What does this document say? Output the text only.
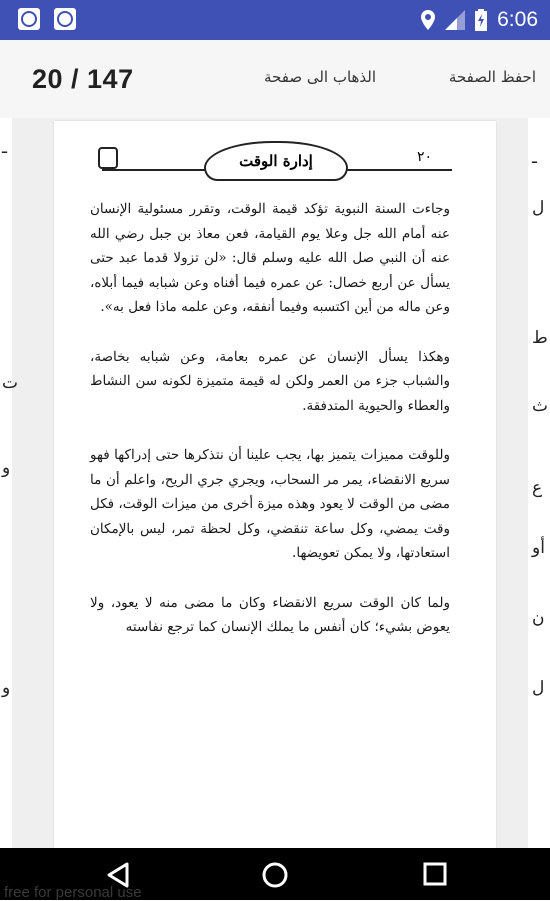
6:06
20 / 147	الذهاب الى صفحة	احفظ الصفحة
ـ
ت
و
و
ـ
ل
ط
ث
ع
أو
ن
ل
إدارة الوقت	٢٠

وجاءت السنة النبوية تؤكد قيمة الوقت، وتقرر مسئولية الإنسان عنه أمام الله جل وعلا يوم القيامة، فعن معاذ بن جبل رضي الله عنه أن النبي صل الله عليه وسلم قال: «لن تزولا قدما عبد حتى يسأل عن أربع خصال: عن عمره فيما أفناه وعن شبابه فيما أبلاه، وعن ماله من أين اكتسبه وفيما أنفقه، وعن علمه ماذا فعل به».

وهكذا يسأل الإنسان عن عمره بعامة، وعن شبابه بخاصة، والشباب جزء من العمر ولكن له قيمة متميزة لكونه سن النشاط والعطاء والحيوية المتدفقة.

وللوقت مميزات يتميز بها، يجب علينا أن نتذكرها حتى إدراكها فهو سريع الانقضاء، يمر مر السحاب، ويجري جري الريح، واعلم أن ما مضى من الوقت لا يعود وهذه ميزة أخرى من ميزات الوقت، فكل وقت يمضي، وكل ساعة تنقضي، وكل لحظة تمر، ليس بالإمكان استعادتها، ولا يمكن تعويضها.

ولما كان الوقت سريع الانقضاء وكان ما مضى منه لا يعود، ولا يعوض بشيء؛ كان أنفس ما يملك الإنسان كما ترجع نفاسته

free for personal use
